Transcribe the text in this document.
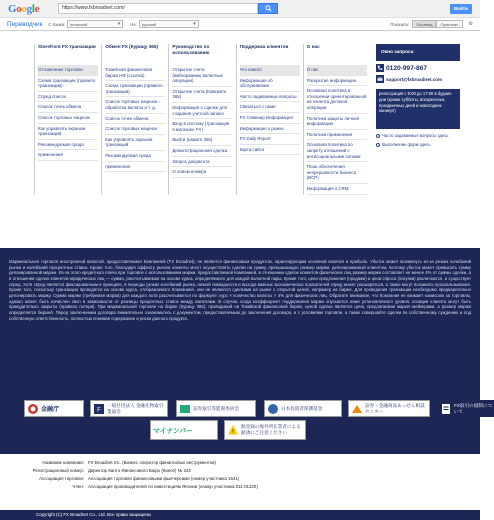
Google	https://www.fxbroadnet.com/	Войти
Переводчик С языка:	японский ▾	На:	русский ▾	Показать:	Перевод	Оригинал	⚙
Storefront FX транзакции
Отложенние торговли
Схема транзакции (правило транзакции)
Спред список
Список точек обмена
Список торговых наценок
Как управлять экраном транзакций
Рекомендуемая среда
применения
Обмен FX (Курицу 365)
Токийская финансовая биржа НФ (ссылка)
Схема транзакции (правило транзакции)
Список торговых наценок - обработка валюты и т. д.
Список точек обмена
Список торговых наценок
Как управлять экраном транзакций
Рекомендуемая среда
применения
Руководство по использованию
Открытие счета (вмбзорванию валютные операции)
Открытие счета (Кажиките 365)
Информация о сделке для создания учетной записи
Вход в систему (транзакция в магазине FX)
Выйти (кажите 365)
Демонстрационная сделка
Запрос документа
О новом номера
Поддержка клиентов
Что нового
Информация об обслуживании
Часто задаваемые вопросы
Связаться с нами
FX Семинар Информация
Информация о рынке
FX Daily Report
Карта сайта
О нас
О нас
Раскрытие информации
Основная политика в отношении ориентированной на клиента деловой операции
Политика защиты личной информации
Политика применения
Основная политика по запрету отношений с антисоциальными силами
План обеспечения непрерывности бизнеса (BCP)
Информация о CRM
Окно запроса
0120-997-867
support@fxbroadnet.com
регистрация с 9:00 до 17:00 в будние дни (кроме субботы, воскресенья, праздничных дней и новогодних каникул)
Часто задаваемые вопросы здесь
Выполнение форм здесь
Маржинальная торговля иностранной валютой, предоставляемая Компанией (FX Broadnet), не является финансовым продуктом, гарантирующим основной капитал и прибыль. Убыток может возникнуть из-за резких колебаний рынка и колебаний процентных ставок. Кроме того, благодаря эффекту рычага клиенты могут осуществлять сделки на сумму, превышающую размер маржи, депонированный клиентом, поэтому убыток может превысить сумму депонированной маржи. Из-за этого кредитного плеча при торговле с использованием маржи, предоставляемой Компанией, в отношении сделок клиентов-физических лиц размер маржи составляет не менее 4% от суммы сделки, а в отношении сделок клиентов-юридических лиц — сумма, рассчитываемая на основе курса, определяемого для каждой валютной пары. Кроме того, цена предложения (продажи) и цена спроса (покупки) различаются, и существует спред. Хотя спред является фиксированным в принципе, в периоды резких колебаний рынка, низкой ликвидности и выхода важных экономических показателей спред может расширяться, а также могут возникать проскальзывания. Кроме того, поскольку транзакции проводятся на основе курса, отображаемого Компанией, они не являются сделками на рынке с открытой ценой, например на бирже. Для проведения транзакции необходимо предварительно депонировать маржу. Сумма маржи (требуемая маржа) для каждого лота рассчитывается по формуле: курс × количество валюты × 4% для физических лиц. Обратите внимание, что Компания не взимает комиссию за торговлю, однако может быть начислен своп в зависимости от разницы процентных ставок между валютами. В случае, когда коэффициент поддержания маржи опускается ниже установленного уровня, позиции клиента могут быть принудительно закрыты (правило потери). При маржинальной торговле на бирже (Курицу 365), проводимой на Токийской финансовой бирже, ценой сделки является цена, предлагаемая маркет-мейкерами, а размер маржи определяется биржей. Перед заключением договора внимательно ознакомьтесь с документом, предоставляемым до заключения договора, и с условиями торговли, а также совершайте сделки по собственному суждению и под собственную ответственность, полностью понимая содержание и риски данного продукта.
金融庁	F
一般社団法人 金融先物取引業協会
証券取引等監視委員会	日本投資者保護基金
証券・金融商品あっせん相談センター
FX取引の規制について
マイナンバー	!
無登録の海外所在業者による勧誘にご注意ください
Название компании: FX Broadnet Inc. (Бизнес оператор финансовых инструментов)
Регистрационный номер: Директор Канто Финансового Бюро (Кинсё) № 244
Ассоциация торговли: Ассоциация торговли финансовыми фьючерсами (номер участника 1541)
Член: Ассоциация производителей по инвестициям Японии (номер участника 011-01220)
Copyright (C) FX Broadnet Co., Ltd. Все права защищены
